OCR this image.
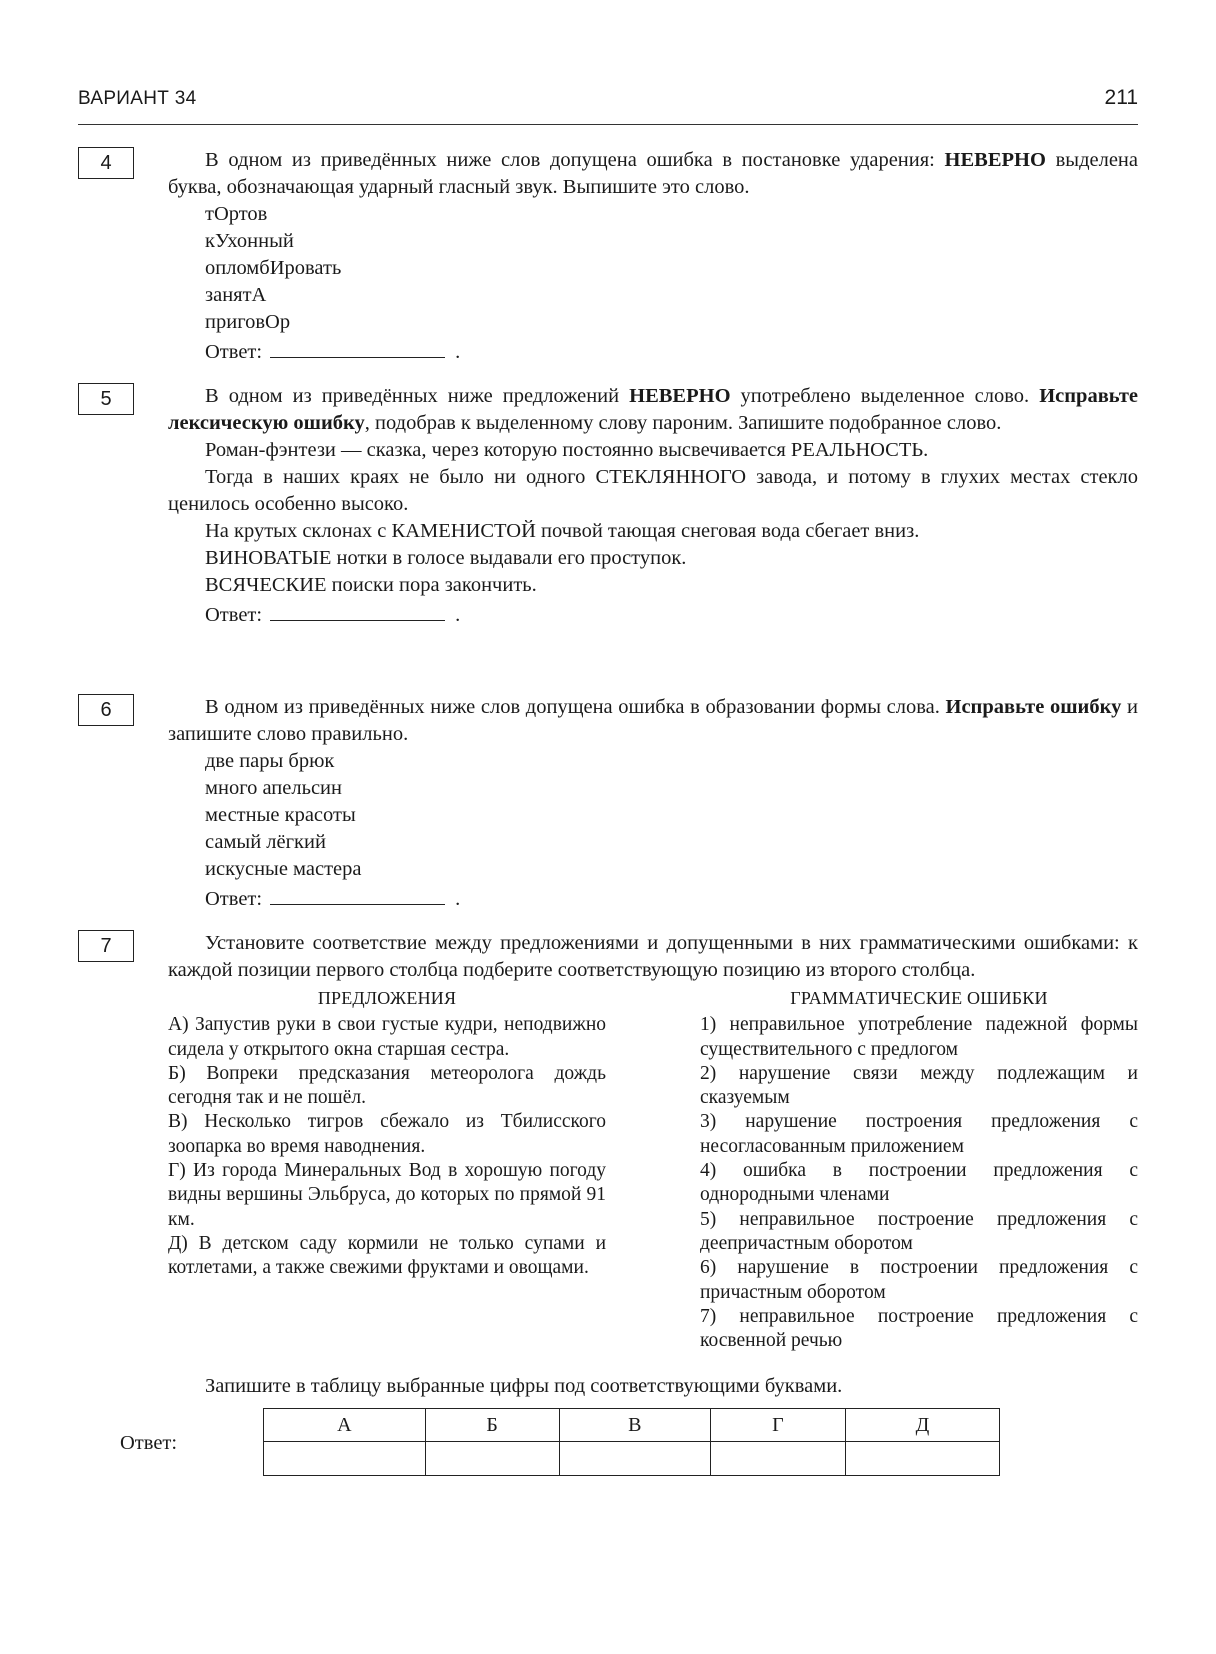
ВАРИАНТ 34	211
4	В одном из приведённых ниже слов допущена ошибка в постановке ударения: НЕВЕРНО выделена буква, обозначающая ударный гласный звук. Выпишите это слово.

тОртов
кУхонный
опломбИровать
занятА
приговОр
Ответ:	.
5	В одном из приведённых ниже предложений НЕВЕРНО употреблено выделенное слово. Исправьте лексическую ошибку, подобрав к выделенному слову пароним. Запишите подобранное слово.

Роман-фэнтези — сказка, через которую постоянно высвечивается РЕАЛЬНОСТЬ.

Тогда в наших краях не было ни одного СТЕКЛЯННОГО завода, и потому в глухих местах стекло ценилось особенно высоко.

На крутых склонах с КАМЕНИСТОЙ почвой тающая снеговая вода сбегает вниз.

ВИНОВАТЫЕ нотки в голосе выдавали его проступок.

ВСЯЧЕСКИЕ поиски пора закончить.

Ответ:	.
6	В одном из приведённых ниже слов допущена ошибка в образовании формы слова. Исправьте ошибку и запишите слово правильно.

две пары брюк
много апельсин
местные красоты
самый лёгкий
искусные мастера
Ответ:	.
7	Установите соответствие между предложениями и допущенными в них грамматическими ошибками: к каждой позиции первого столбца подберите соответствующую позицию из второго столбца.

ПРЕДЛОЖЕНИЯ

А) Запустив руки в свои густые кудри, неподвижно сидела у открытого окна старшая сестра.

Б) Вопреки предсказания метеоролога дождь сегодня так и не пошёл.

В) Несколько тигров сбежало из Тбилисского зоопарка во время наводнения.

Г) Из города Минеральных Вод в хорошую погоду видны вершины Эльбруса, до которых по прямой 91 км.

Д) В детском саду кормили не только супами и котлетами, а также свежими фруктами и овощами.

ГРАММАТИЧЕСКИЕ ОШИБКИ

1) неправильное употребление падежной формы существительного с предлогом

2) нарушение связи между подлежащим и сказуемым

3) нарушение построения предложения с несогласованным приложением

4) ошибка в построении предложения с однородными членами

5) неправильное построение предложения с деепричастным оборотом

6) нарушение в построении предложения с причастным оборотом

7) неправильное построение предложения с косвенной речью

Запишите в таблицу выбранные цифры под соответствующими буквами.
Ответ:
А	Б	В	Г	Д
